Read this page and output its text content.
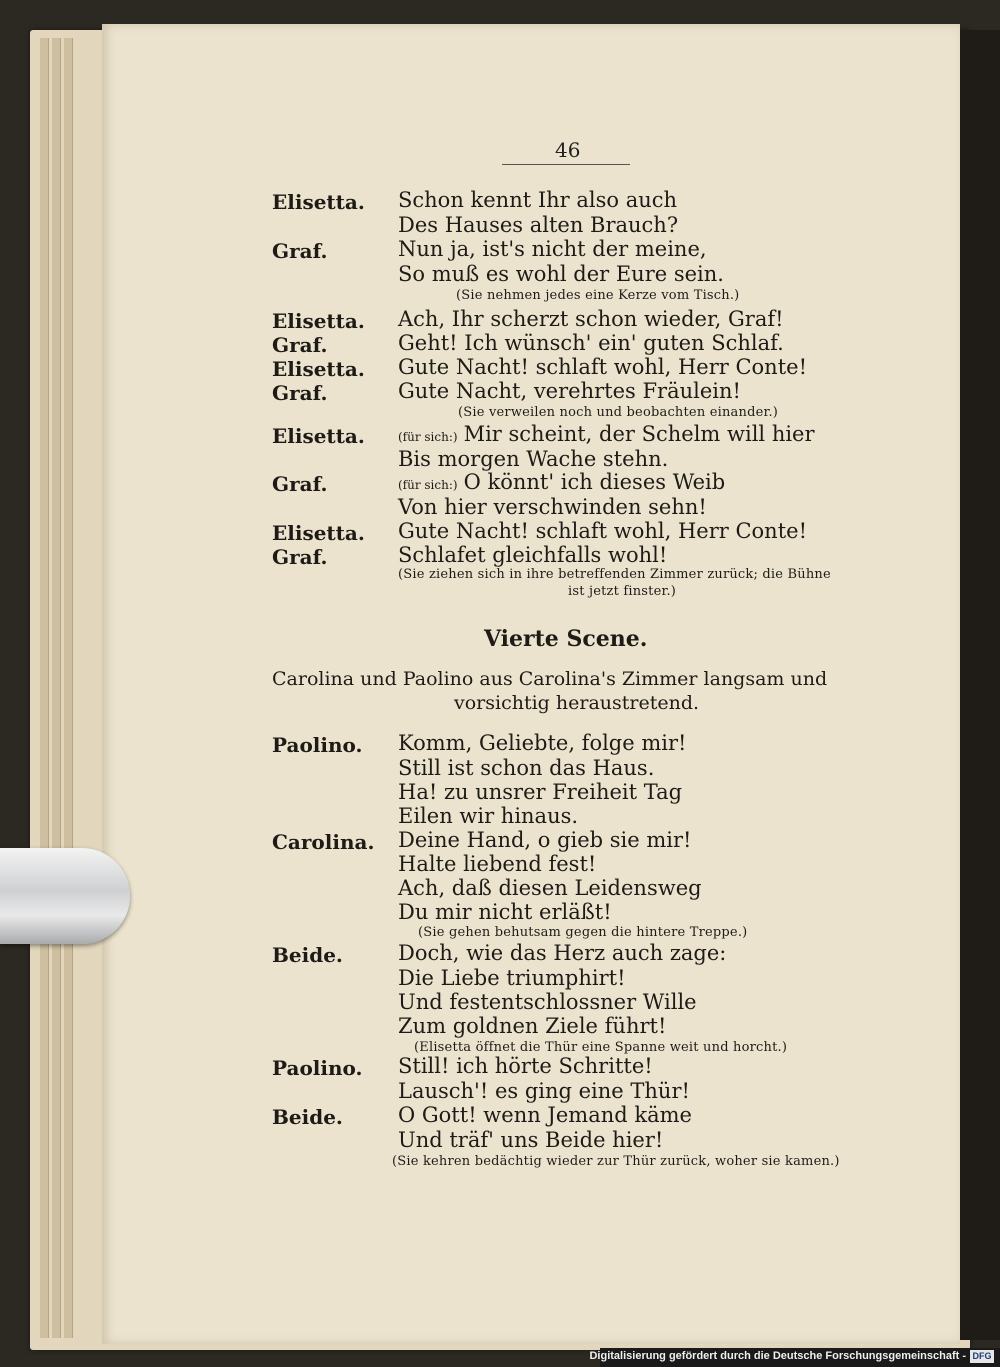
46
Elisetta. Schon kennt Ihr also auch
Des Hauses alten Brauch?
Graf.	Nun ja, ist's nicht der meine,
So muß es wohl der Eure sein.
(Sie nehmen jedes eine Kerze vom Tisch.)
Elisetta. Ach, Ihr scherzt schon wieder, Graf!
Graf.	Geht! Ich wünsch' ein' guten Schlaf.
Elisetta. Gute Nacht! schlaft wohl, Herr Conte!
Graf.	Gute Nacht, verehrtes Fräulein!
(Sie verweilen noch und beobachten einander.)
Elisetta.	(für sich:) Mir scheint, der Schelm will hier
Bis morgen Wache stehn.
Graf.	(für sich:) O könnt' ich dieses Weib
Von hier verschwinden sehn!
Elisetta. Gute Nacht! schlaft wohl, Herr Conte!
Graf.	Schlafet gleichfalls wohl!
(Sie ziehen sich in ihre betreffenden Zimmer zurück; die Bühne
ist jetzt finster.)
Vierte Scene.
Carolina und Paolino aus Carolina's Zimmer langsam und
vorsichtig heraustretend.
Paolino. Komm, Geliebte, folge mir!
Still ist schon das Haus.
Ha! zu unsrer Freiheit Tag
Eilen wir hinaus.
Carolina. Deine Hand, o gieb sie mir!
Halte liebend fest!
Ach, daß diesen Leidensweg
Du mir nicht erläßt!
(Sie gehen behutsam gegen die hintere Treppe.)
Beide.	Doch, wie das Herz auch zage:
Die Liebe triumphirt!
Und festentschlossner Wille
Zum goldnen Ziele führt!
(Elisetta öffnet die Thür eine Spanne weit und horcht.)
Paolino. Still! ich hörte Schritte!
Lausch'! es ging eine Thür!
Beide.	O Gott! wenn Jemand käme
Und träf' uns Beide hier!
(Sie kehren bedächtig wieder zur Thür zurück, woher sie kamen.)
Digitalisierung gefördert durch die Deutsche Forschungsgemeinschaft - DFG
